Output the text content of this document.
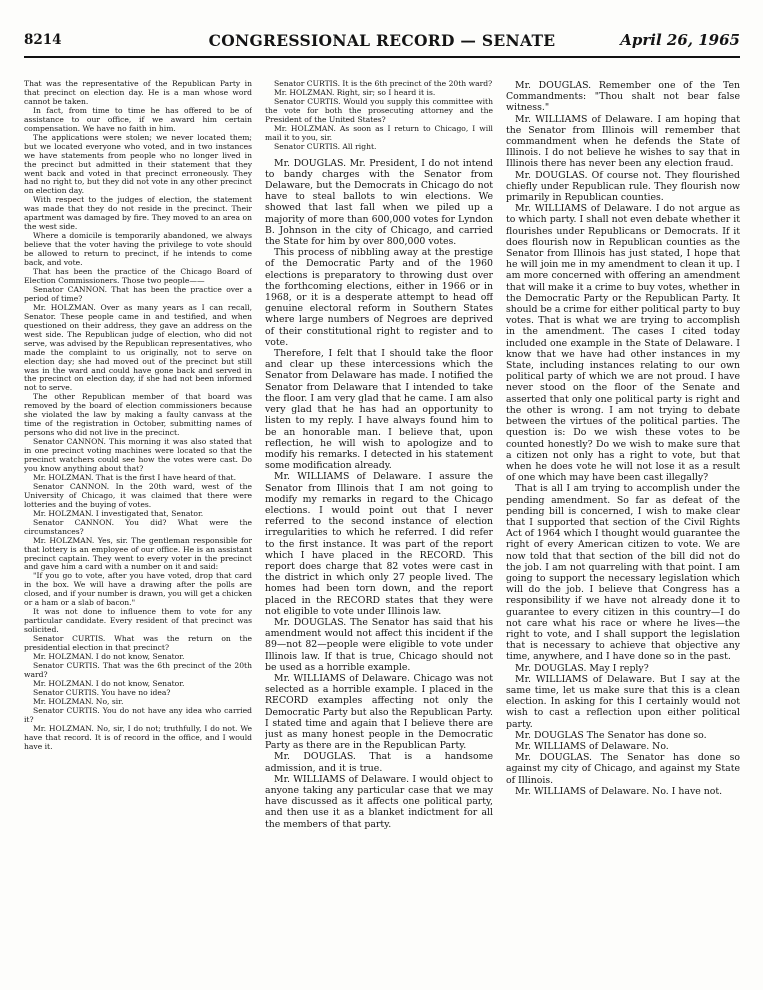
8214	CONGRESSIONAL RECORD — SENATE	April 26, 1965

That was the representative of the Republican Party in that precinct on election day. He is a man whose word cannot be taken.

In fact, from time to time he has offered to be of assistance to our office, if we award him certain compensation. We have no faith in him.

The applications were stolen; we never located them; but we located everyone who voted, and in two instances we have statements from people who no longer lived in the precinct but admitted in their statement that they went back and voted in that precinct erroneously. They had no right to, but they did not vote in any other precinct on election day.

With respect to the judges of election, the statement was made that they do not reside in the precinct. Their apartment was damaged by fire. They moved to an area on the west side.

Where a domicile is temporarily abandoned, we always believe that the voter having the privilege to vote should be allowed to return to precinct, if he intends to come back, and vote.

That has been the practice of the Chicago Board of Election Commissioners. Those two people——

Senator CANNON. That has been the practice over a period of time?

Mr. HOLZMAN. Over as many years as I can recall, Senator. These people came in and testified, and when questioned on their address, they gave an address on the west side. The Republican judge of election, who did not serve, was advised by the Republican representatives, who made the complaint to us originally, not to serve on election day; she had moved out of the precinct but still was in the ward and could have gone back and served in the precinct on election day, if she had not been informed not to serve.

The other Republican member of that board was removed by the board of election commissioners because she violated the law by making a faulty canvass at the time of the registration in October, submitting names of persons who did not live in the precinct.

Senator CANNON. This morning it was also stated that in one precinct voting machines were located so that the precinct watchers could see how the votes were cast. Do you know anything about that?

Mr. HOLZMAN. That is the first I have heard of that.

Senator CANNON. In the 20th ward, west of the University of Chicago, it was claimed that there were lotteries and the buying of votes.

Mr. HOLZMAN. I investigated that, Senator.

Senator CANNON. You did? What were the circumstances?

Mr. HOLZMAN. Yes, sir. The gentleman responsible for that lottery is an employee of our office. He is an assistant precinct captain. They went to every voter in the precinct and gave him a card with a number on it and said:

"If you go to vote, after you have voted, drop that card in the box. We will have a drawing after the polls are closed, and if your number is drawn, you will get a chicken or a ham or a slab of bacon."

It was not done to influence them to vote for any particular candidate. Every resident of that precinct was solicited.

Senator CURTIS. What was the return on the presidential election in that precinct?

Mr. HOLZMAN. I do not know, Senator.

Senator CURTIS. That was the 6th precinct of the 20th ward?

Mr. HOLZMAN. I do not know, Senator.

Senator CURTIS. You have no idea?

Mr. HOLZMAN. No, sir.

Senator CURTIS. You do not have any idea who carried it?

Mr. HOLZMAN. No, sir, I do not; truthfully, I do not. We have that record. It is of record in the office, and I would have it.

Senator CURTIS. It is the 6th precinct of the 20th ward?

Mr. HOLZMAN. Right, sir; so I heard it is.

Senator CURTIS. Would you supply this committee with the vote for both the prosecuting attorney and the President of the United States?

Mr. HOLZMAN. As soon as I return to Chicago, I will mail it to you, sir.

Senator CURTIS. All right.

Mr. DOUGLAS. Mr. President, I do not intend to bandy charges with the Senator from Delaware, but the Democrats in Chicago do not have to steal ballots to win elections. We showed that last fall when we piled up a majority of more than 600,000 votes for Lyndon B. Johnson in the city of Chicago, and carried the State for him by over 800,000 votes.

This process of nibbling away at the prestige of the Democratic Party and of the 1960 elections is preparatory to throwing dust over the forthcoming elections, either in 1966 or in 1968, or it is a desperate attempt to head off genuine electoral reform in Southern States where large numbers of Negroes are deprived of their constitutional right to register and to vote.

Therefore, I felt that I should take the floor and clear up these intercessions which the Senator from Delaware has made. I notified the Senator from Delaware that I intended to take the floor. I am very glad that he came. I am also very glad that he has had an opportunity to listen to my reply. I have always found him to be an honorable man. I believe that, upon reflection, he will wish to apologize and to modify his remarks. I detected in his statement some modification already.

Mr. WILLIAMS of Delaware. I assure the Senator from Illinois that I am not going to modify my remarks in regard to the Chicago elections. I would point out that I never referred to the second instance of election irregularities to which he referred. I did refer to the first instance. It was part of the report which I have placed in the RECORD. This report does charge that 82 votes were cast in the district in which only 27 people lived. The homes had been torn down, and the report placed in the RECORD states that they were not eligible to vote under Illinois law.

Mr. DOUGLAS. The Senator has said that his amendment would not affect this incident if the 89—not 82—people were eligible to vote under Illinois law. If that is true, Chicago should not be used as a horrible example.

Mr. WILLIAMS of Delaware. Chicago was not selected as a horrible example. I placed in the RECORD examples affecting not only the Democratic Party but also the Republican Party. I stated time and again that I believe there are just as many honest people in the Democratic Party as there are in the Republican Party.

Mr. DOUGLAS. That is a handsome admission, and it is true.

Mr. WILLIAMS of Delaware. I would object to anyone taking any particular case that we may have discussed as it affects one political party, and then use it as a blanket indictment for all the members of that party.

Mr. DOUGLAS. Remember one of the Ten Commandments: "Thou shalt not bear false witness."

Mr. WILLIAMS of Delaware. I am hoping that the Senator from Illinois will remember that commandment when he defends the State of Illinois. I do not believe he wishes to say that in Illinois there has never been any election fraud.

Mr. DOUGLAS. Of course not. They flourished chiefly under Republican rule. They flourish now primarily in Republican counties.

Mr. WILLIAMS of Delaware. I do not argue as to which party. I shall not even debate whether it flourishes under Republicans or Democrats. If it does flourish now in Republican counties as the Senator from Illinois has just stated, I hope that he will join me in my amendment to clean it up. I am more concerned with offering an amendment that will make it a crime to buy votes, whether in the Democratic Party or the Republican Party. It should be a crime for either political party to buy votes. That is what we are trying to accomplish in the amendment. The cases I cited today included one example in the State of Delaware. I know that we have had other instances in my State, including instances relating to our own political party of which we are not proud. I have never stood on the floor of the Senate and asserted that only one political party is right and the other is wrong. I am not trying to debate between the virtues of the political parties. The question is: Do we wish these votes to be counted honestly? Do we wish to make sure that a citizen not only has a right to vote, but that when he does vote he will not lose it as a result of one which may have been cast illegally?

That is all I am trying to accomplish under the pending amendment. So far as defeat of the pending bill is concerned, I wish to make clear that I supported that section of the Civil Rights Act of 1964 which I thought would guarantee the right of every American citizen to vote. We are now told that that section of the bill did not do the job. I am not quarreling with that point. I am going to support the necessary legislation which will do the job. I believe that Congress has a responsibility if we have not already done it to guarantee to every citizen in this country—I do not care what his race or where he lives—the right to vote, and I shall support the legislation that is necessary to achieve that objective any time, anywhere, and I have done so in the past.

Mr. DOUGLAS. May I reply?

Mr. WILLIAMS of Delaware. But I say at the same time, let us make sure that this is a clean election. In asking for this I certainly would not wish to cast a reflection upon either political party.

Mr. DOUGLAS The Senator has done so.

Mr. WILLIAMS of Delaware. No.

Mr. DOUGLAS. The Senator has done so against my city of Chicago, and against my State of Illinois.

Mr. WILLIAMS of Delaware. No. I have not.
